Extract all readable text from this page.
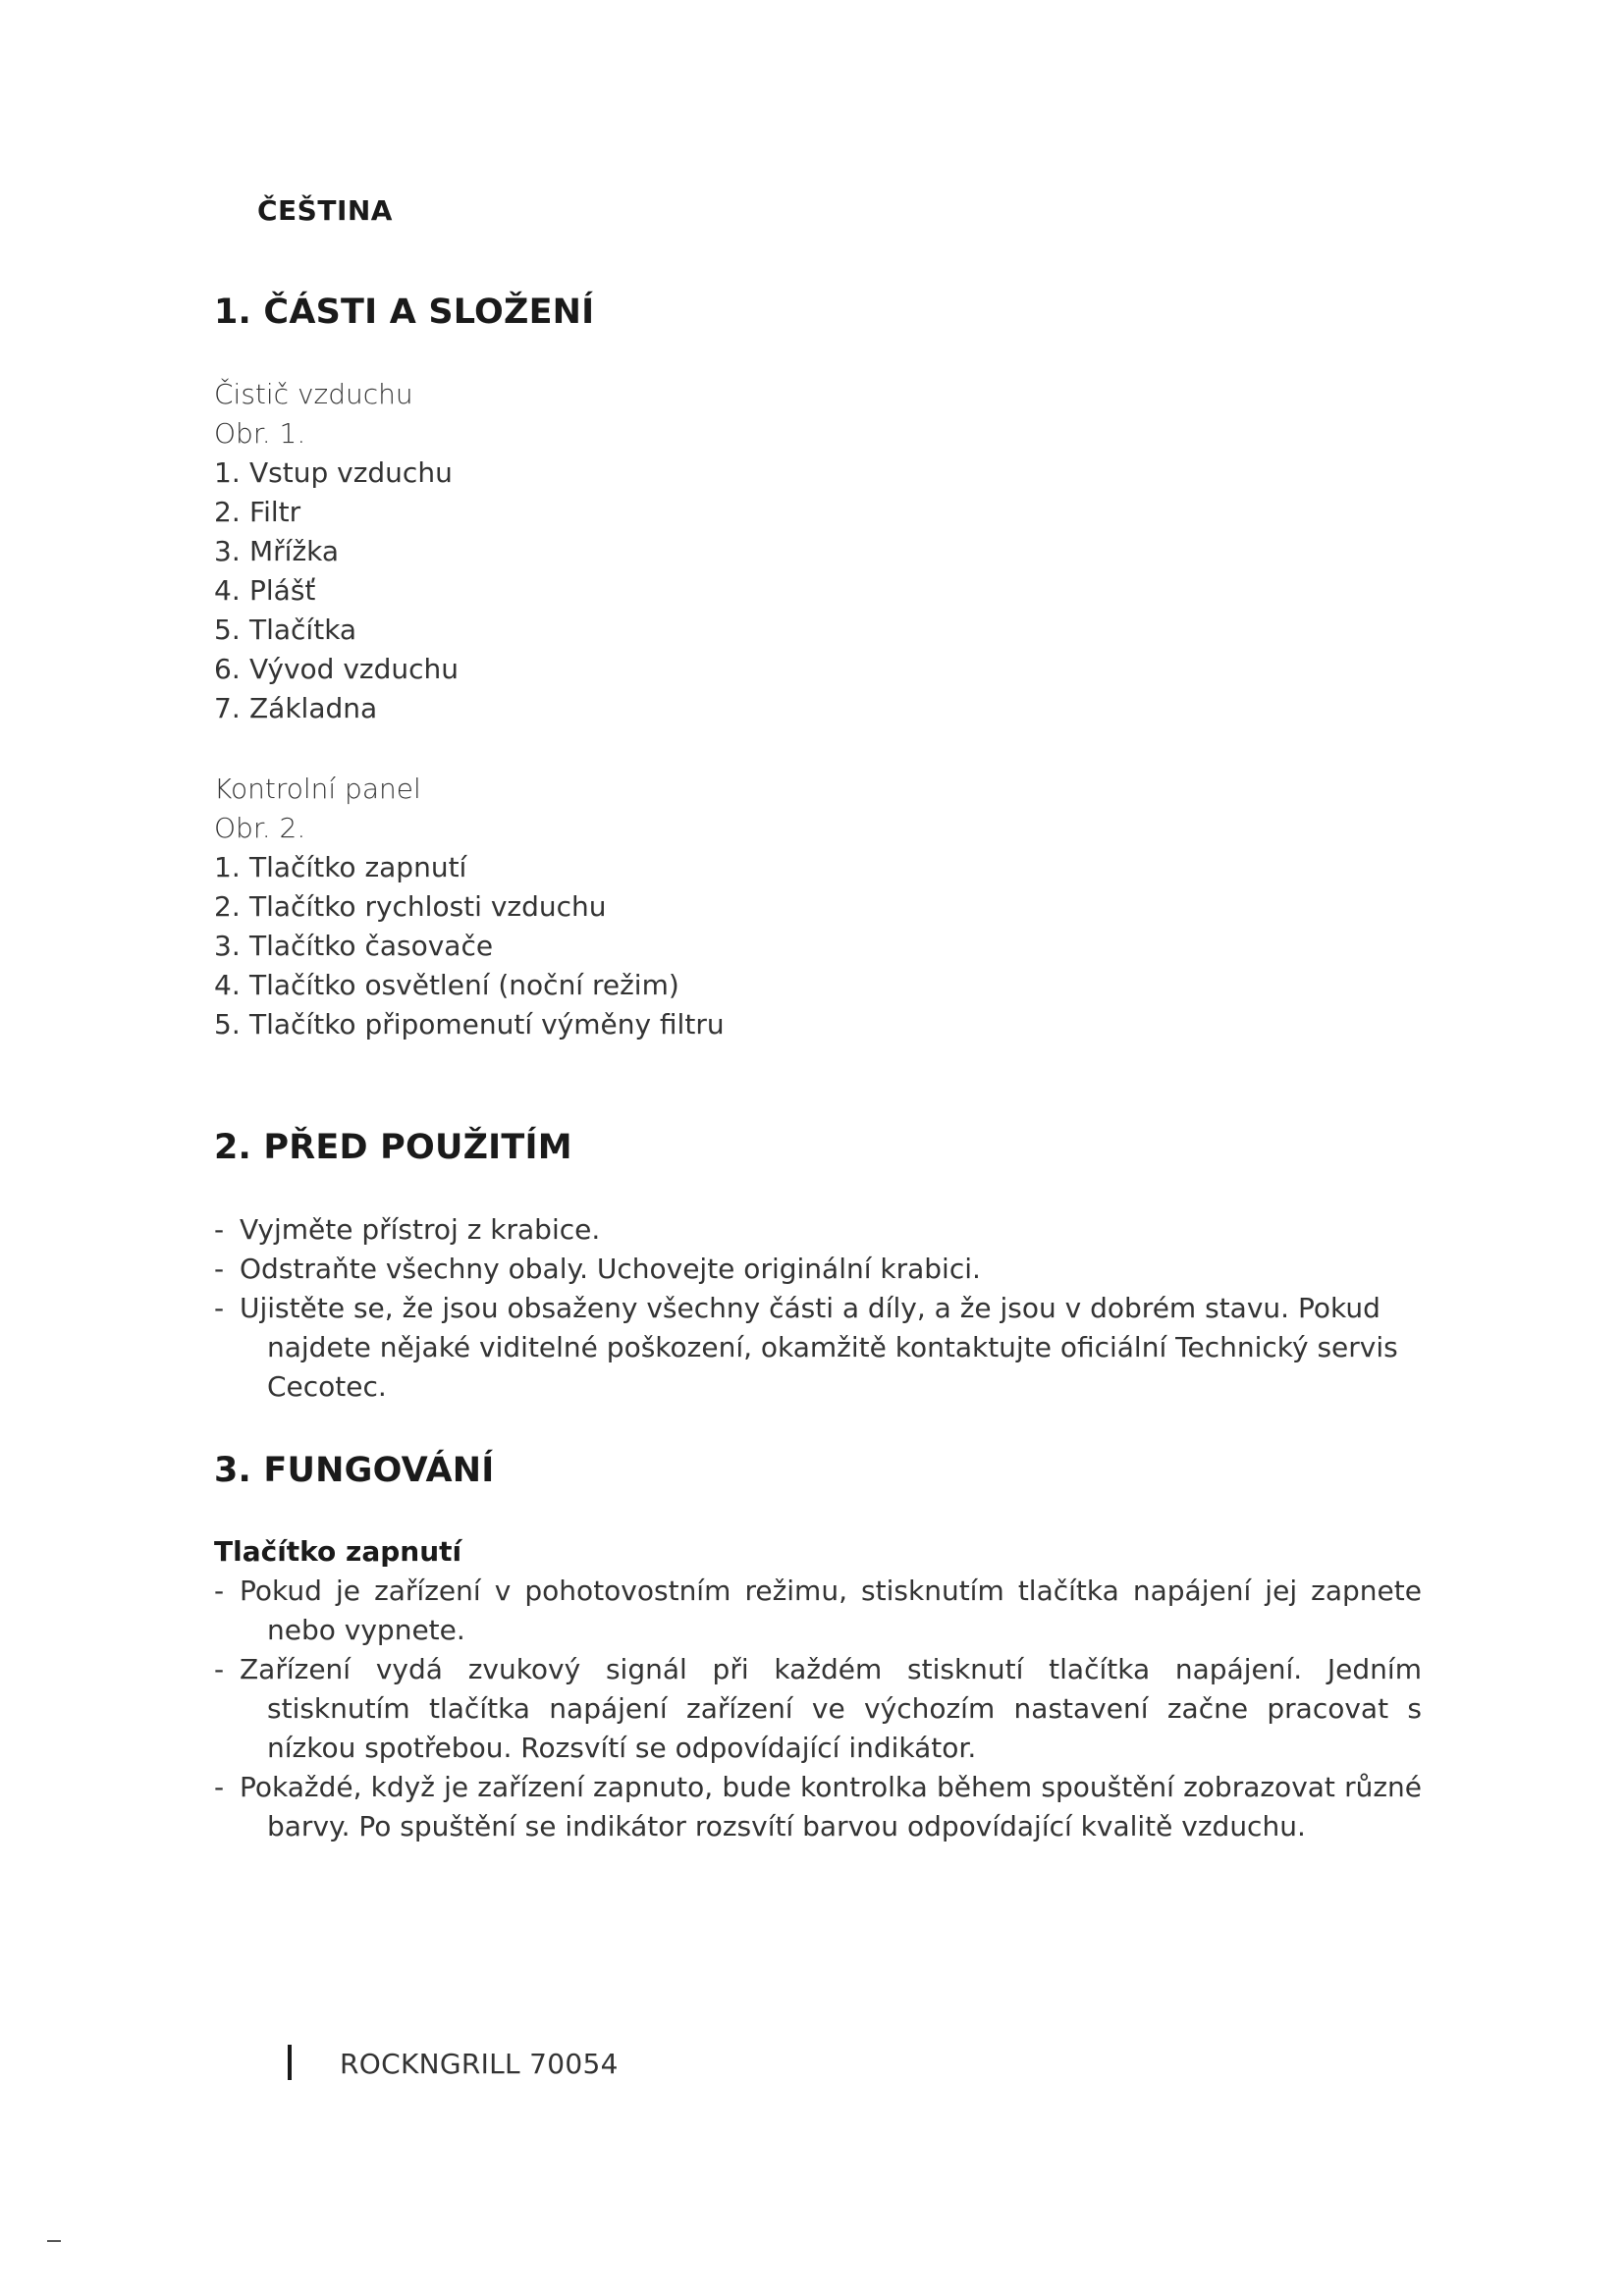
ČEŠTINA
1. ČÁSTI A SLOŽENÍ
Čistič vzduchu
Obr. 1.
1. Vstup vzduchu
2. Filtr
3. Mřížka
4. Plášť
5. Tlačítka
6. Vývod vzduchu
7. Základna
Kontrolní panel
Obr. 2.
1. Tlačítko zapnutí
2. Tlačítko rychlosti vzduchu
3. Tlačítko časovače
4. Tlačítko osvětlení (noční režim)
5. Tlačítko připomenutí výměny filtru
2. PŘED POUŽITÍM
- Vyjměte přístroj z krabice.
- Odstraňte všechny obaly. Uchovejte originální krabici.
- Ujistěte se, že jsou obsaženy všechny části a díly, a že jsou v dobrém stavu. Pokud najdete nějaké viditelné poškození, okamžitě kontaktujte oficiální Technický servis Cecotec.
3. FUNGOVÁNÍ
Tlačítko zapnutí
- Pokud je zařízení v pohotovostním režimu, stisknutím tlačítka napájení jej zapnete nebo vypnete.
- Zařízení vydá zvukový signál při každém stisknutí tlačítka napájení. Jedním stisknutím tlačítka napájení zařízení ve výchozím nastavení začne pracovat s nízkou spotřebou. Rozsvítí se odpovídající indikátor.
- Pokaždé, když je zařízení zapnuto, bude kontrolka během spouštění zobrazovat různé barvy. Po spuštění se indikátor rozsvítí barvou odpovídající kvalitě vzduchu.
ROCKNGRILL 70054
